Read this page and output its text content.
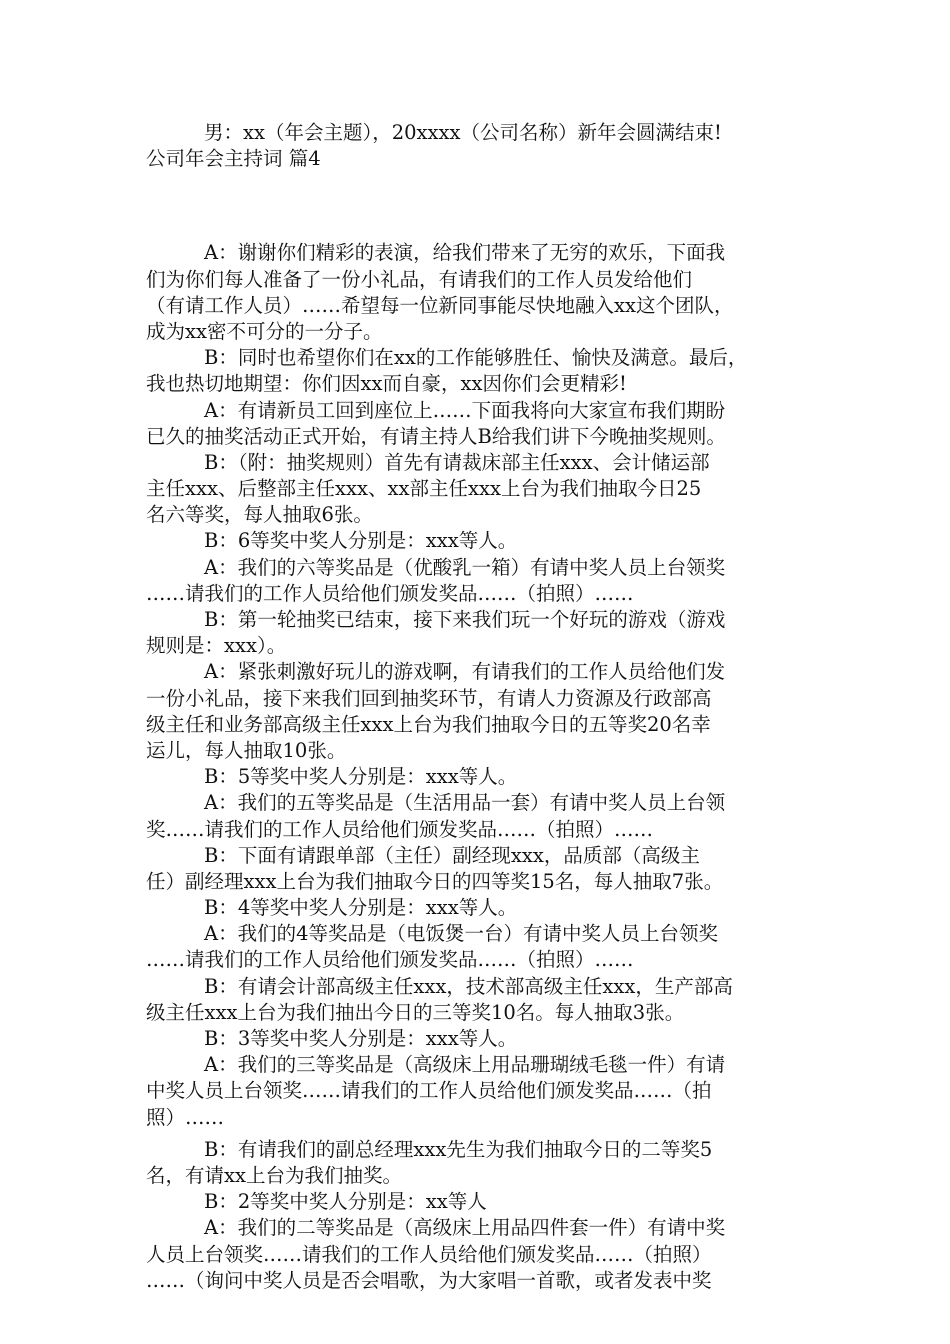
男：xx（年会主题），20xxxx（公司名称）新年会圆满结束!
公司年会主持词 篇4
A：谢谢你们精彩的表演，给我们带来了无穷的欢乐，下面我
们为你们每人准备了一份小礼品，有请我们的工作人员发给他们
（有请工作人员）……希望每一位新同事能尽快地融入xx这个团队，
成为xx密不可分的一分子。
B：同时也希望你们在xx的工作能够胜任、愉快及满意。最后，
我也热切地期望：你们因xx而自豪，xx因你们会更精彩!
A：有请新员工回到座位上……下面我将向大家宣布我们期盼
已久的抽奖活动正式开始，有请主持人B给我们讲下今晚抽奖规则。
B：（附：抽奖规则）首先有请裁床部主任xxx、会计储运部
主任xxx、后整部主任xxx、xx部主任xxx上台为我们抽取今日25
名六等奖，每人抽取6张。
B：6等奖中奖人分别是：xxx等人。
A：我们的六等奖品是（优酸乳一箱）有请中奖人员上台领奖
……请我们的工作人员给他们颁发奖品……（拍照）……
B：第一轮抽奖已结束，接下来我们玩一个好玩的游戏（游戏
规则是：xxx）。
A：紧张刺激好玩儿的游戏啊，有请我们的工作人员给他们发
一份小礼品，接下来我们回到抽奖环节，有请人力资源及行政部高
级主任和业务部高级主任xxx上台为我们抽取今日的五等奖20名幸
运儿，每人抽取10张。
B：5等奖中奖人分别是：xxx等人。
A：我们的五等奖品是（生活用品一套）有请中奖人员上台领
奖……请我们的工作人员给他们颁发奖品……（拍照）……
B：下面有请跟单部（主任）副经现xxx，品质部（高级主
任）副经理xxx上台为我们抽取今日的四等奖15名，每人抽取7张。
B：4等奖中奖人分别是：xxx等人。
A：我们的4等奖品是（电饭煲一台）有请中奖人员上台领奖
……请我们的工作人员给他们颁发奖品……（拍照）……
B：有请会计部高级主任xxx，技术部高级主任xxx，生产部高
级主任xxx上台为我们抽出今日的三等奖10名。每人抽取3张。
B：3等奖中奖人分别是：xxx等人。
A：我们的三等奖品是（高级床上用品珊瑚绒毛毯一件）有请
中奖人员上台领奖……请我们的工作人员给他们颁发奖品……（拍
照）……
B：有请我们的副总经理xxx先生为我们抽取今日的二等奖5
名，有请xx上台为我们抽奖。
B：2等奖中奖人分别是：xx等人
A：我们的二等奖品是（高级床上用品四件套一件）有请中奖
人员上台领奖……请我们的工作人员给他们颁发奖品……（拍照）
……（询问中奖人员是否会唱歌，为大家唱一首歌，或者发表中奖
